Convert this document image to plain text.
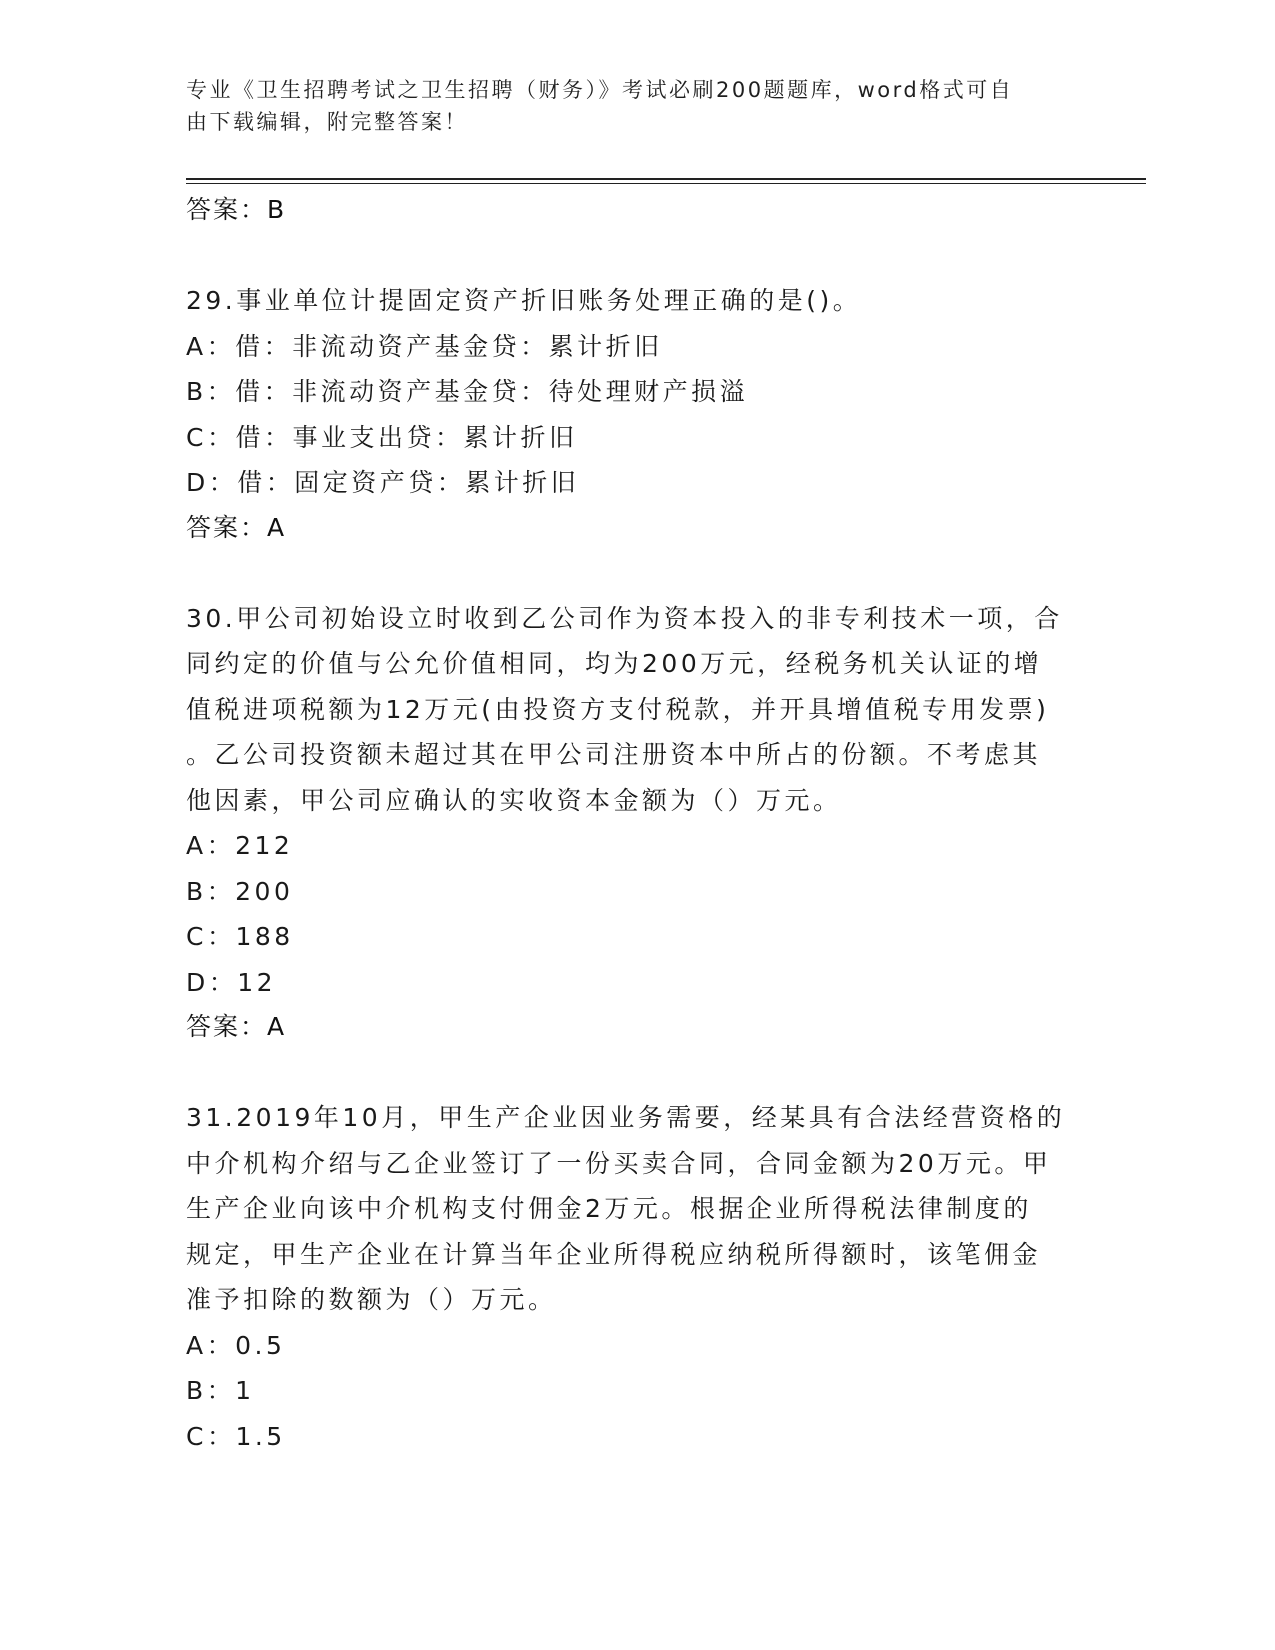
专业《卫生招聘考试之卫生招聘（财务）》考试必刷200题题库，word格式可自
由下载编辑，附完整答案！
答案：B
29.事业单位计提固定资产折旧账务处理正确的是()。
A：借：非流动资产基金贷：累计折旧
B：借：非流动资产基金贷：待处理财产损溢
C：借：事业支出贷：累计折旧
D：借：固定资产贷：累计折旧
答案：A
30.甲公司初始设立时收到乙公司作为资本投入的非专利技术一项，合
同约定的价值与公允价值相同，均为200万元，经税务机关认证的增
值税进项税额为12万元(由投资方支付税款，并开具增值税专用发票)
。乙公司投资额未超过其在甲公司注册资本中所占的份额。不考虑其
他因素，甲公司应确认的实收资本金额为（）万元。
A：212
B：200
C：188
D：12
答案：A
31.2019年10月，甲生产企业因业务需要，经某具有合法经营资格的
中介机构介绍与乙企业签订了一份买卖合同，合同金额为20万元。甲
生产企业向该中介机构支付佣金2万元。根据企业所得税法律制度的
规定，甲生产企业在计算当年企业所得税应纳税所得额时，该笔佣金
准予扣除的数额为（）万元。
A：0.5
B：1
C：1.5
